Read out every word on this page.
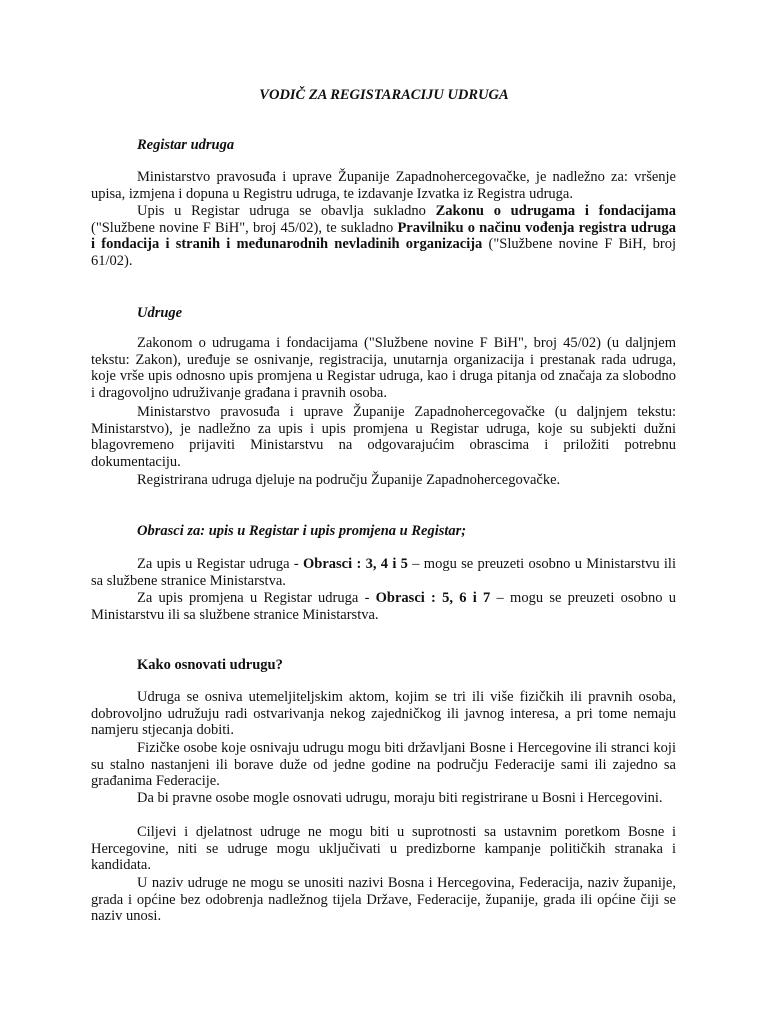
VODIČ ZA REGISTARACIJU UDRUGA
Registar udruga
Ministarstvo pravosuđa i uprave Županije Zapadnohercegovačke, je nadležno za: vršenje upisa, izmjena i dopuna u Registru udruga, te izdavanje Izvatka iz Registra udruga.
Upis u Registar udruga se obavlja sukladno Zakonu o udrugama i fondacijama ("Službene novine F BiH", broj 45/02), te sukladno Pravilniku o načinu vođenja registra udruga i fondacija i stranih i međunarodnih nevladinih organizacija ("Službene novine F BiH, broj 61/02).
Udruge
Zakonom o udrugama i fondacijama ("Službene novine F BiH", broj 45/02) (u daljnjem tekstu: Zakon), uređuje se osnivanje, registracija, unutarnja organizacija i prestanak rada udruga, koje vrše upis odnosno upis promjena u Registar udruga, kao i druga pitanja od značaja za slobodno i dragovoljno udruživanje građana i pravnih osoba.
Ministarstvo pravosuđa i uprave Županije Zapadnohercegovačke (u daljnjem tekstu: Ministarstvo), je nadležno za upis i upis promjena u Registar udruga, koje su subjekti dužni blagovremeno prijaviti Ministarstvu na odgovarajućim obrascima i priložiti potrebnu dokumentaciju.
Registrirana udruga djeluje na području Županije Zapadnohercegovačke.
Obrasci za: upis u Registar i upis promjena u Registar;
Za upis u Registar udruga - Obrasci : 3, 4 i 5 – mogu se preuzeti osobno u Ministarstvu ili sa službene stranice Ministarstva.
Za upis promjena u Registar udruga - Obrasci : 5, 6 i 7 – mogu se preuzeti osobno u Ministarstvu ili sa službene stranice Ministarstva.
Kako osnovati udrugu?
Udruga se osniva utemeljiteljskim aktom, kojim se tri ili više fizičkih ili pravnih osoba, dobrovoljno udružuju radi ostvarivanja nekog zajedničkog ili javnog interesa, a pri tome nemaju namjeru stjecanja dobiti.
Fizičke osobe koje osnivaju udrugu mogu biti državljani Bosne i Hercegovine ili stranci koji su stalno nastanjeni ili borave duže od jedne godine na području Federacije sami ili zajedno sa građanima Federacije.
Da bi pravne osobe mogle osnovati udrugu, moraju biti registrirane u Bosni i Hercegovini.
Ciljevi i djelatnost udruge ne mogu biti u suprotnosti sa ustavnim poretkom Bosne i Hercegovine, niti se udruge mogu uključivati u predizborne kampanje političkih stranaka i kandidata.
U naziv udruge ne mogu se unositi nazivi Bosna i Hercegovina, Federacija, naziv županije, grada i općine bez odobrenja nadležnog tijela Države, Federacije, županije, grada ili općine čiji se naziv unosi.
